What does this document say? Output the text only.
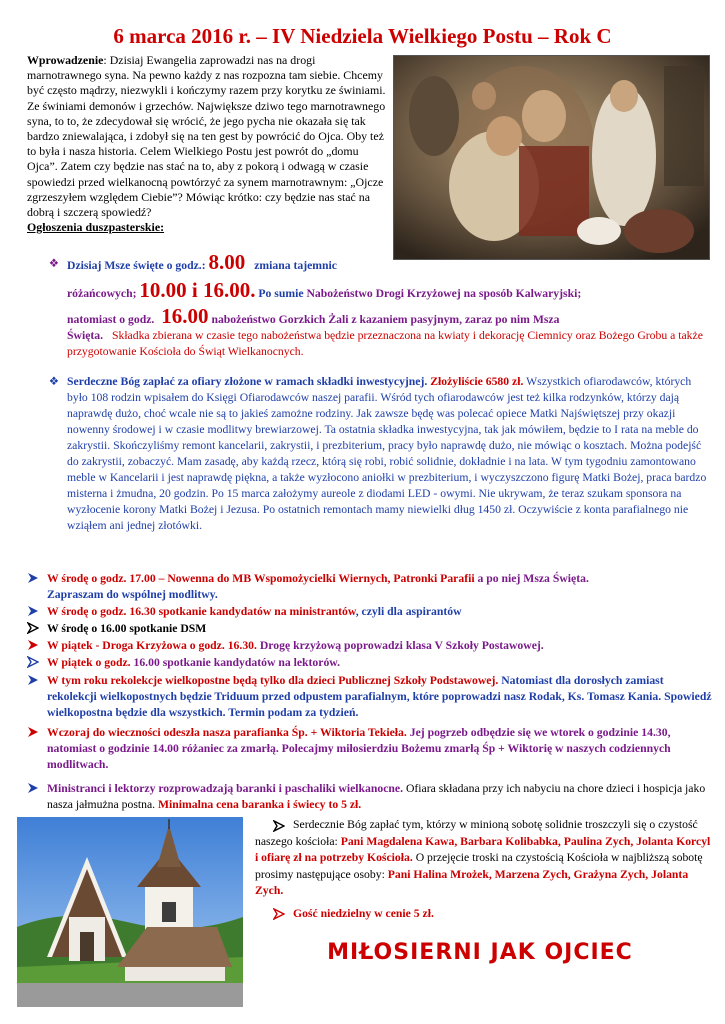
6 marca 2016 r. – IV Niedziela Wielkiego Postu – Rok C

Wprowadzenie: Dzisiaj Ewangelia zaprowadzi nas na drogi marnotrawnego syna. Na pewno każdy z nas rozpozna tam siebie. Chcemy być często mądrzy, niezwykli i kończymy razem przy korytku ze świniami. Ze świniami demonów i grzechów. Największe dziwo tego marnotrawnego syna, to to, że zdecydował się wrócić, że jego pycha nie okazała się tak bardzo zniewalająca, i zdobył się na ten gest by powrócić do Ojca. Oby też to była i nasza historia. Celem Wielkiego Postu jest powrót do „domu Ojca”. Zatem czy będzie nas stać na to, aby z pokorą i odwagą w czasie spowiedzi przed wielkanocną powtórzyć za synem marnotrawnym: „Ojcze zgrzeszyłem względem Ciebie”? Mówiąc krótko: czy będzie nas stać na dobrą i szczerą spowiedź?
Ogłoszenia duszpasterskie:

❖ Dzisiaj Msze święte o godz.: 8.00 zmiana tajemnic
różańcowych; 10.00 i 16.00. Po sumie Nabożeństwo Drogi Krzyżowej na sposób Kalwaryjski;
natomiast o godz. 16.00 nabożeństwo Gorzkich Żali z kazaniem pasyjnym, zaraz po nim Msza
Święta. Składka zbierana w czasie tego nabożeństwa będzie przeznaczona na kwiaty i dekorację Ciemnicy oraz Bożego Grobu a także przygotowanie Kościoła do Świąt Wielkanocnych.
❖ Serdeczne Bóg zapłać za ofiary złożone w ramach składki inwestycyjnej. Złożyliście 6580 zł. Wszystkich ofiarodawców, których było 108 rodzin wpisałem do Księgi Ofiarodawców naszej parafii. Wśród tych ofiarodawców jest też kilka rodzynków, którzy dają naprawdę dużo, choć wcale nie są to jakieś zamożne rodziny. Jak zawsze będę was polecać opiece Matki Najświętszej przy okazji nowenny środowej i w czasie modlitwy brewiarzowej. Ta ostatnia składka inwestycyjna, tak jak mówiłem, będzie to I rata na meble do zakrystii. Skończyliśmy remont kancelarii, zakrystii, i prezbiterium, pracy było naprawdę dużo, nie mówiąc o kosztach. Można podejść do zakrystii, zobaczyć. Mam zasadę, aby każdą rzecz, którą się robi, robić solidnie, dokładnie i na lata. W tym tygodniu zamontowano meble w Kancelarii i jest naprawdę piękna, a także wyzłocono aniołki w prezbiterium, i wyczyszczono figurę Matki Bożej, praca bardzo misterna i żmudna, 20 godzin. Po 15 marca założymy aureole z diodami LED - owymi. Nie ukrywam, że teraz szukam sponsora na wyzłocenie korony Matki Bożej i Jezusa. Po ostatnich remontach mamy niewielki dług 1450 zł. Oczywiście z konta parafialnego nie wziąłem ani jednej złotówki.
W środę o godz. 17.00 – Nowenna do MB Wspomożycielki Wiernych, Patronki Parafii a po niej Msza Święta.
Zapraszam do wspólnej modlitwy.
W środę o godz. 16.30 spotkanie kandydatów na ministrantów, czyli dla aspirantów
W środę o 16.00 spotkanie DSM
W piątek - Droga Krzyżowa o godz. 16.30. Drogę krzyżową poprowadzi klasa V Szkoły Postawowej.
W piątek o godz. 16.00 spotkanie kandydatów na lektorów.
W tym roku rekolekcje wielkopostne będą tylko dla dzieci Publicznej Szkoły Podstawowej. Natomiast dla dorosłych zamiast rekolekcji wielkopostnych będzie Triduum przed odpustem parafialnym, które poprowadzi nasz Rodak, Ks. Tomasz Kania. Spowiedź wielkopostna będzie dla wszystkich. Termin podam za tydzień.
Wczoraj do wieczności odeszła nasza parafianka Śp. + Wiktoria Tekieła. Jej pogrzeb odbędzie się we wtorek o godzinie 14.30, natomiast o godzinie 14.00 różaniec za zmarłą. Polecajmy miłosierdziu Bożemu zmarłą Śp + Wiktorię w naszych codziennych modlitwach.
Ministranci i lektorzy rozprowadzają baranki i paschaliki wielkanocne. Ofiara składana przy ich nabyciu na chore dzieci i hospicja jako nasza jałmużna postna. Minimalna cena baranka i świecy to 5 zł.
Serdecznie Bóg zapłać tym, którzy w minioną sobotę solidnie troszczyli się o czystość naszego kościoła: Pani Magdalena Kawa, Barbara Kolibabka, Paulina Zych, Jolanta Korcyl i ofiarę zł na potrzeby Kościoła. O przejęcie troski na czystością Kościoła w najbliższą sobotę prosimy następujące osoby: Pani Halina Mrożek, Marzena Zych, Grażyna Zych, Jolanta Zych.
Gość niedzielny w cenie 5 zł.
MIŁOSIERNI JAK OJCIEC
